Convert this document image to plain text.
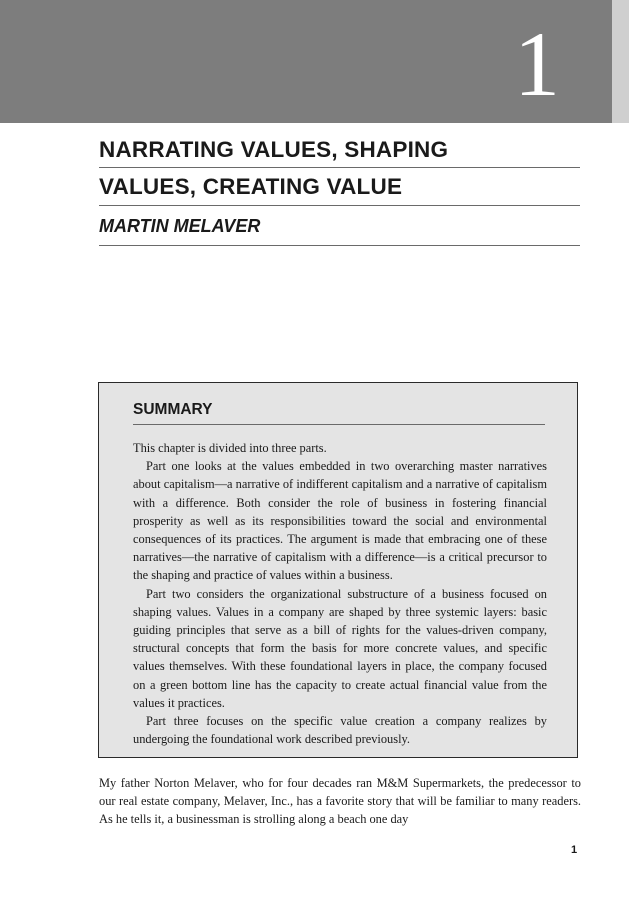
1
NARRATING VALUES, SHAPING
VALUES, CREATING VALUE
MARTIN MELAVER
SUMMARY

This chapter is divided into three parts.

Part one looks at the values embedded in two overarching master narratives about capitalism—a narrative of indifferent capitalism and a narrative of capitalism with a difference. Both consider the role of business in fostering financial prosperity as well as its responsibilities toward the social and environmental consequences of its practices. The argument is made that embracing one of these narratives—the narrative of capitalism with a difference—is a critical precursor to the shaping and practice of values within a business.

Part two considers the organizational substructure of a business focused on shaping values. Values in a company are shaped by three systemic layers: basic guiding principles that serve as a bill of rights for the values-driven company, structural concepts that form the basis for more concrete values, and specific values themselves. With these foundational layers in place, the company focused on a green bottom line has the capacity to create actual financial value from the values it practices.

Part three focuses on the specific value creation a company realizes by undergoing the foundational work described previously.

My father Norton Melaver, who for four decades ran M&M Supermarkets, the predecessor to our real estate company, Melaver, Inc., has a favorite story that will be familiar to many readers. As he tells it, a businessman is strolling along a beach one day

1
